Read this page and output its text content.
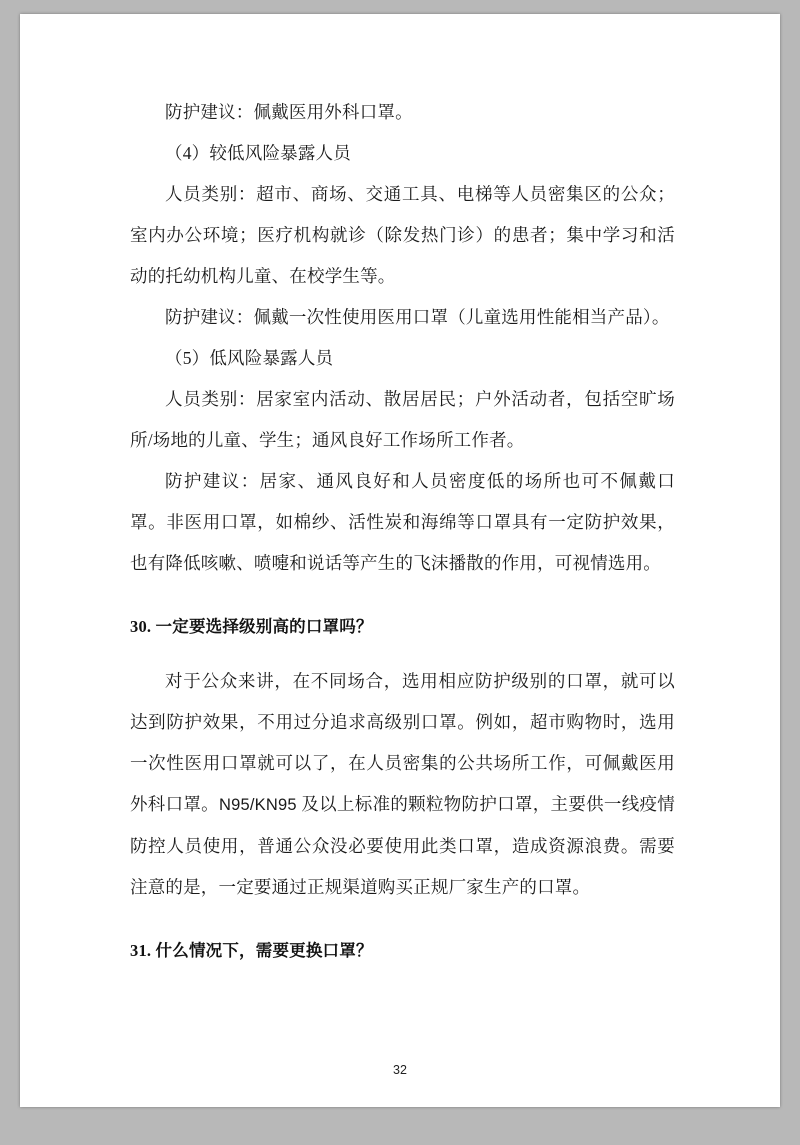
防护建议：佩戴医用外科口罩。

（4）较低风险暴露人员

人员类别：超市、商场、交通工具、电梯等人员密集区的公众；室内办公环境；医疗机构就诊（除发热门诊）的患者；集中学习和活动的托幼机构儿童、在校学生等。

防护建议：佩戴一次性使用医用口罩（儿童选用性能相当产品）。

（5）低风险暴露人员

人员类别：居家室内活动、散居居民；户外活动者，包括空旷场所/场地的儿童、学生；通风良好工作场所工作者。

防护建议：居家、通风良好和人员密度低的场所也可不佩戴口罩。非医用口罩，如棉纱、活性炭和海绵等口罩具有一定防护效果，也有降低咳嗽、喷嚏和说话等产生的飞沫播散的作用，可视情选用。

30. 一定要选择级别高的口罩吗？

对于公众来讲，在不同场合，选用相应防护级别的口罩，就可以达到防护效果，不用过分追求高级别口罩。例如，超市购物时，选用一次性医用口罩就可以了，在人员密集的公共场所工作，可佩戴医用外科口罩。N95/KN95 及以上标准的颗粒物防护口罩，主要供一线疫情防控人员使用，普通公众没必要使用此类口罩，造成资源浪费。需要注意的是，一定要通过正规渠道购买正规厂家生产的口罩。

31. 什么情况下，需要更换口罩？
32
